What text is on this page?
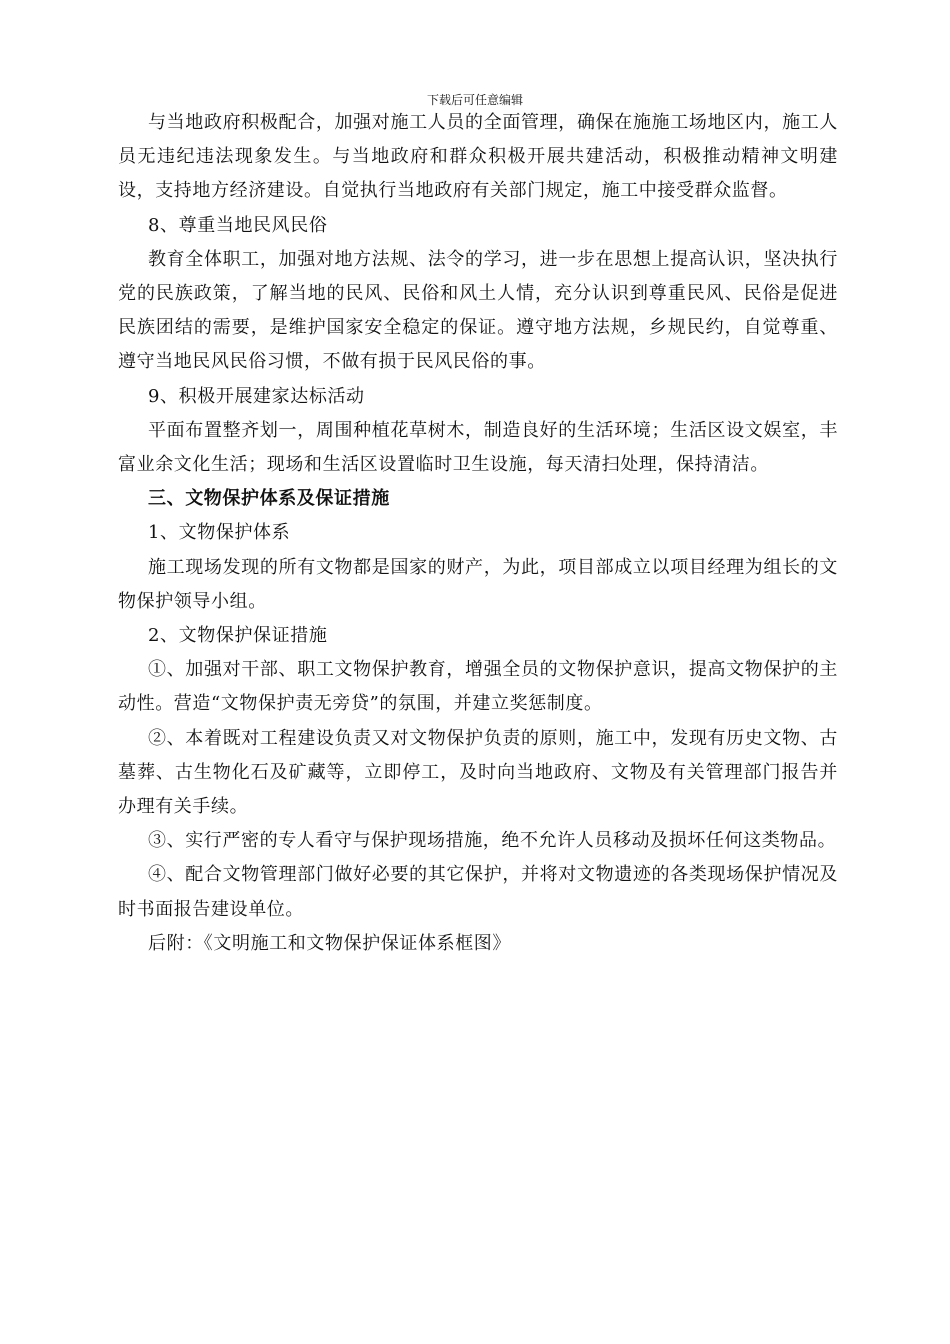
下载后可任意编辑

与当地政府积极配合，加强对施工人员的全面管理，确保在施施工场地区内，施工人员无违纪违法现象发生。与当地政府和群众积极开展共建活动，积极推动精神文明建设，支持地方经济建设。自觉执行当地政府有关部门规定，施工中接受群众监督。

8、尊重当地民风民俗

教育全体职工，加强对地方法规、法令的学习，进一步在思想上提高认识，坚决执行党的民族政策，了解当地的民风、民俗和风土人情，充分认识到尊重民风、民俗是促进民族团结的需要，是维护国家安全稳定的保证。遵守地方法规，乡规民约，自觉尊重、遵守当地民风民俗习惯，不做有损于民风民俗的事。

9、积极开展建家达标活动

平面布置整齐划一，周围种植花草树木，制造良好的生活环境；生活区设文娱室，丰富业余文化生活；现场和生活区设置临时卫生设施，每天清扫处理，保持清洁。

三、文物保护体系及保证措施

1、文物保护体系

施工现场发现的所有文物都是国家的财产，为此，项目部成立以项目经理为组长的文物保护领导小组。

2、文物保护保证措施

①、加强对干部、职工文物保护教育，增强全员的文物保护意识，提高文物保护的主动性。营造“文物保护责无旁贷”的氛围，并建立奖惩制度。

②、本着既对工程建设负责又对文物保护负责的原则，施工中，发现有历史文物、古墓葬、古生物化石及矿藏等，立即停工，及时向当地政府、文物及有关管理部门报告并办理有关手续。

③、实行严密的专人看守与保护现场措施，绝不允许人员移动及损坏任何这类物品。

④、配合文物管理部门做好必要的其它保护，并将对文物遗迹的各类现场保护情况及时书面报告建设单位。

后附：《文明施工和文物保护保证体系框图》
